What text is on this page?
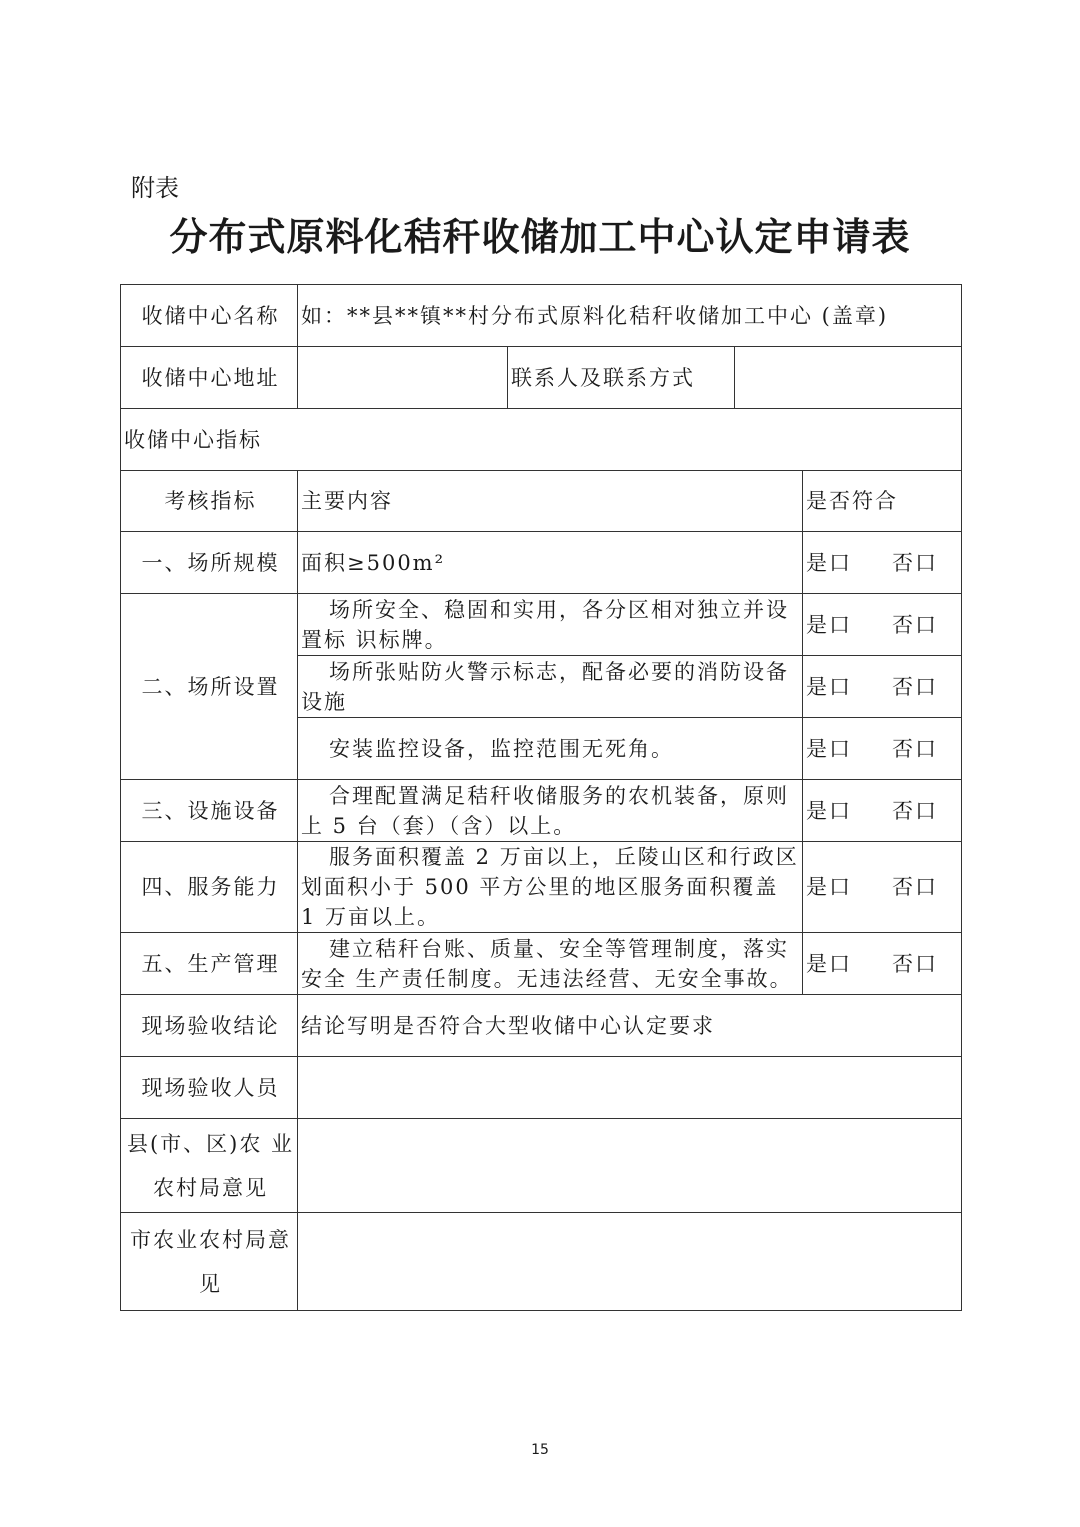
附表
分布式原料化秸秆收储加工中心认定申请表
收储中心名称	如：**县**镇**村分布式原料化秸秆收储加工中心 (盖章)			
收储中心地址		联系人及联系方式		
收储中心指标				
考核指标	主要内容			是否符合
一、场所规模	面积≥500m²			是口 否口
二、场所设置	场所安全、稳固和实用，各分区相对独立并设置标 识标牌。			是口 否口
	场所张贴防火警示标志，配备必要的消防设备设施			是口 否口
	安装监控设备，监控范围无死角。			是口 否口
三、设施设备	合理配置满足秸秆收储服务的农机装备，原则上 5 台（套）（含）以上。			是口 否口
四、服务能力	服务面积覆盖 2 万亩以上，丘陵山区和行政区划面积小于 500 平方公里的地区服务面积覆盖 1 万亩以上。			是口 否口
五、生产管理	建立秸秆台账、质量、安全等管理制度，落实安全 生产责任制度。无违法经营、无安全事故。			是口 否口
现场验收结论	结论写明是否符合大型收储中心认定要求			
现场验收人员				
县(市、区)农 业农村局意见				
市农业农村局意见				
15
